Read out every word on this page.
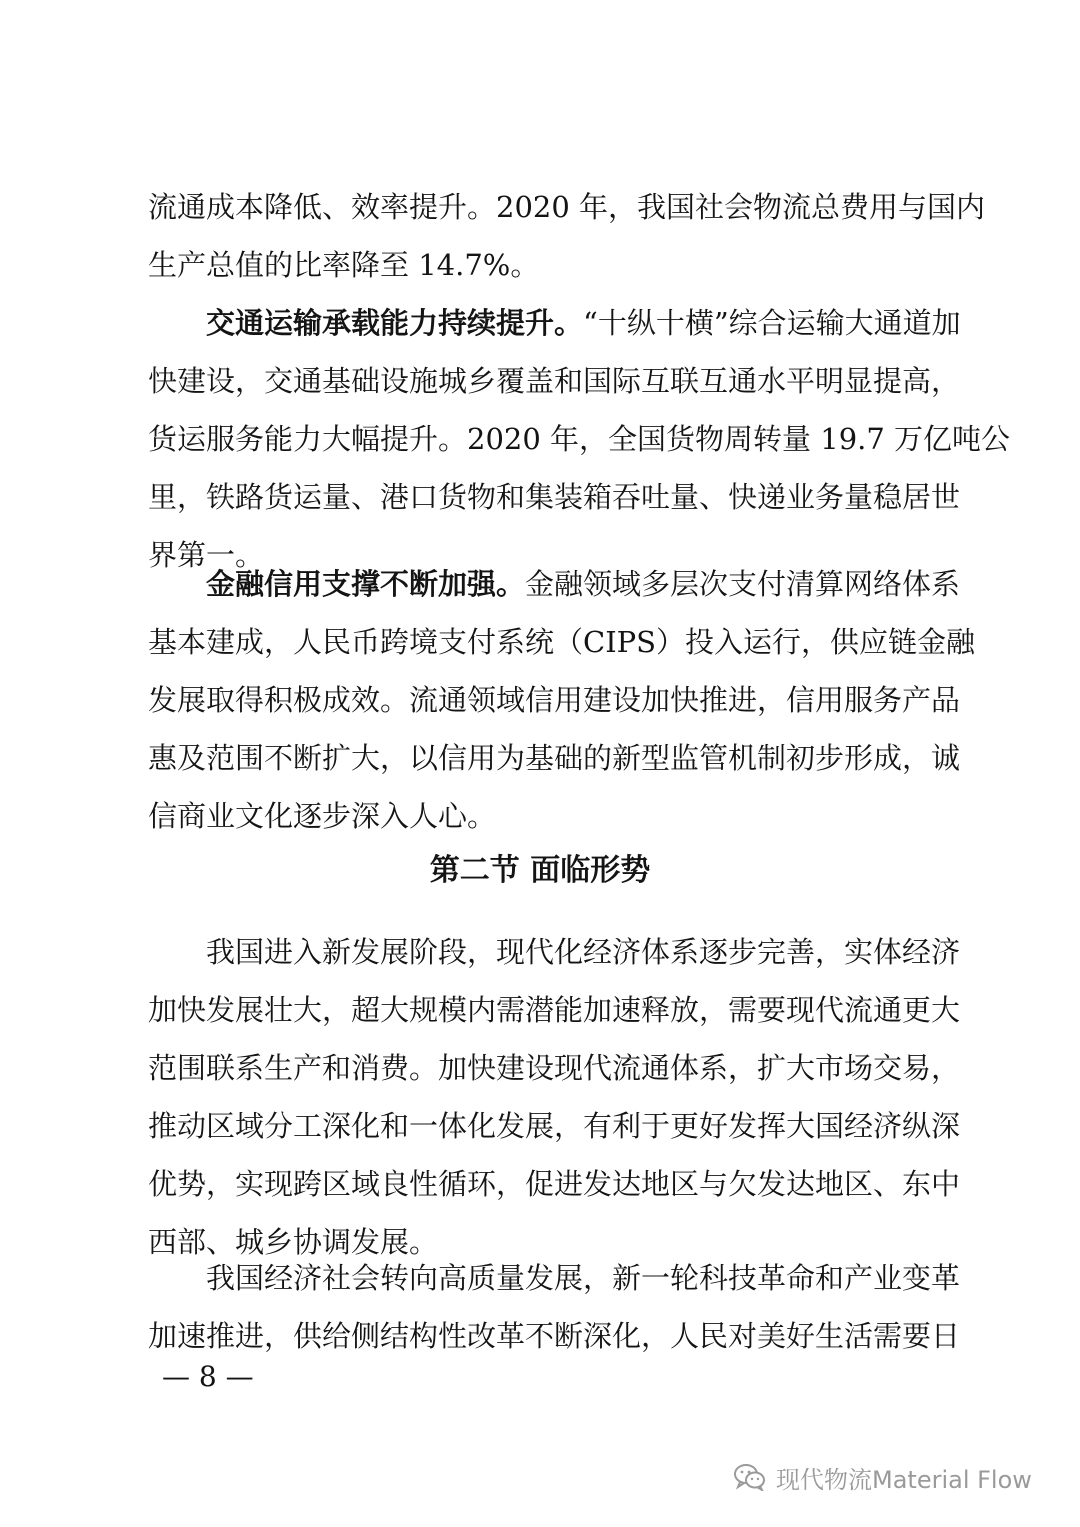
流通成本降低、效率提升。2020 年，我国社会物流总费用与国内
生产总值的比率降至 14.7%。
交通运输承载能力持续提升。“十纵十横”综合运输大通道加
快建设，交通基础设施城乡覆盖和国际互联互通水平明显提高，
货运服务能力大幅提升。2020 年，全国货物周转量 19.7 万亿吨公
里，铁路货运量、港口货物和集装箱吞吐量、快递业务量稳居世
界第一。
金融信用支撑不断加强。金融领域多层次支付清算网络体系
基本建成，人民币跨境支付系统（CIPS）投入运行，供应链金融
发展取得积极成效。流通领域信用建设加快推进，信用服务产品
惠及范围不断扩大，以信用为基础的新型监管机制初步形成，诚
信商业文化逐步深入人心。
第二节 面临形势
我国进入新发展阶段，现代化经济体系逐步完善，实体经济
加快发展壮大，超大规模内需潜能加速释放，需要现代流通更大
范围联系生产和消费。加快建设现代流通体系，扩大市场交易，
推动区域分工深化和一体化发展，有利于更好发挥大国经济纵深
优势，实现跨区域良性循环，促进发达地区与欠发达地区、东中
西部、城乡协调发展。
我国经济社会转向高质量发展，新一轮科技革命和产业变革
加速推进，供给侧结构性改革不断深化，人民对美好生活需要日
— 8 —
现代物流Material Flow
